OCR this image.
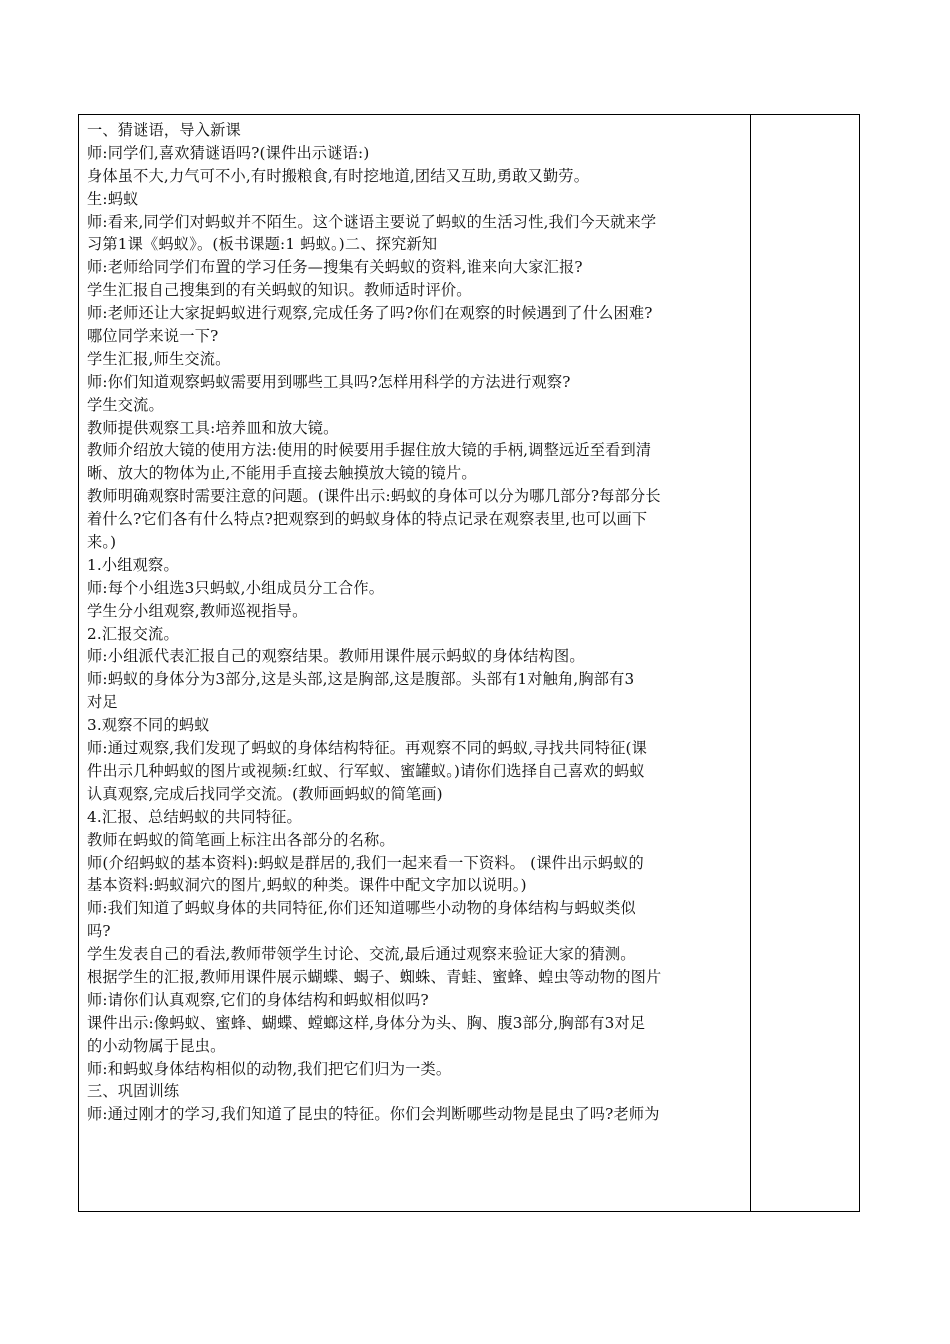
一、猜谜语，导入新课
师:同学们,喜欢猜谜语吗?(课件出示谜语:)
身体虽不大,力气可不小,有时搬粮食,有时挖地道,团结又互助,勇敢又勤劳。
生:蚂蚁
师:看来,同学们对蚂蚁并不陌生。这个谜语主要说了蚂蚁的生活习性,我们今天就来学
习第1课《蚂蚁》。(板书课题:1 蚂蚁。)二、探究新知
师:老师给同学们布置的学习任务—搜集有关蚂蚁的资料,谁来向大家汇报?
学生汇报自己搜集到的有关蚂蚁的知识。教师适时评价。
师:老师还让大家捉蚂蚁进行观察,完成任务了吗?你们在观察的时候遇到了什么困难?
哪位同学来说一下?
学生汇报,师生交流。
师:你们知道观察蚂蚁需要用到哪些工具吗?怎样用科学的方法进行观察?
学生交流。
教师提供观察工具:培养皿和放大镜。
教师介绍放大镜的使用方法:使用的时候要用手握住放大镜的手柄,调整远近至看到清
晰、放大的物体为止,不能用手直接去触摸放大镜的镜片。
教师明确观察时需要注意的问题。(课件出示:蚂蚁的身体可以分为哪几部分?每部分长
着什么?它们各有什么特点?把观察到的蚂蚁身体的特点记录在观察表里,也可以画下
来。)
1.小组观察。
师:每个小组选3只蚂蚁,小组成员分工合作。
学生分小组观察,教师巡视指导。
2.汇报交流。
师:小组派代表汇报自己的观察结果。教师用课件展示蚂蚁的身体结构图。
师:蚂蚁的身体分为3部分,这是头部,这是胸部,这是腹部。头部有1对触角,胸部有3
对足
3.观察不同的蚂蚁
师:通过观察,我们发现了蚂蚁的身体结构特征。再观察不同的蚂蚁,寻找共同特征(课
件出示几种蚂蚁的图片或视频:红蚁、行军蚁、蜜罐蚁。)请你们选择自己喜欢的蚂蚁
认真观察,完成后找同学交流。(教师画蚂蚁的简笔画)
4.汇报、总结蚂蚁的共同特征。
教师在蚂蚁的简笔画上标注出各部分的名称。
师(介绍蚂蚁的基本资料):蚂蚁是群居的,我们一起来看一下资料。 (课件出示蚂蚁的
基本资料:蚂蚁洞穴的图片,蚂蚁的种类。课件中配文字加以说明。)
师:我们知道了蚂蚁身体的共同特征,你们还知道哪些小动物的身体结构与蚂蚁类似
吗?
学生发表自己的看法,教师带领学生讨论、交流,最后通过观察来验证大家的猜测。
根据学生的汇报,教师用课件展示蝴蝶、蝎子、蜘蛛、青蛙、蜜蜂、蝗虫等动物的图片
师:请你们认真观察,它们的身体结构和蚂蚁相似吗?
课件出示:像蚂蚁、蜜蜂、蝴蝶、螳螂这样,身体分为头、胸、腹3部分,胸部有3对足
的小动物属于昆虫。
师:和蚂蚁身体结构相似的动物,我们把它们归为一类。
三、巩固训练
师:通过刚才的学习,我们知道了昆虫的特征。你们会判断哪些动物是昆虫了吗?老师为
